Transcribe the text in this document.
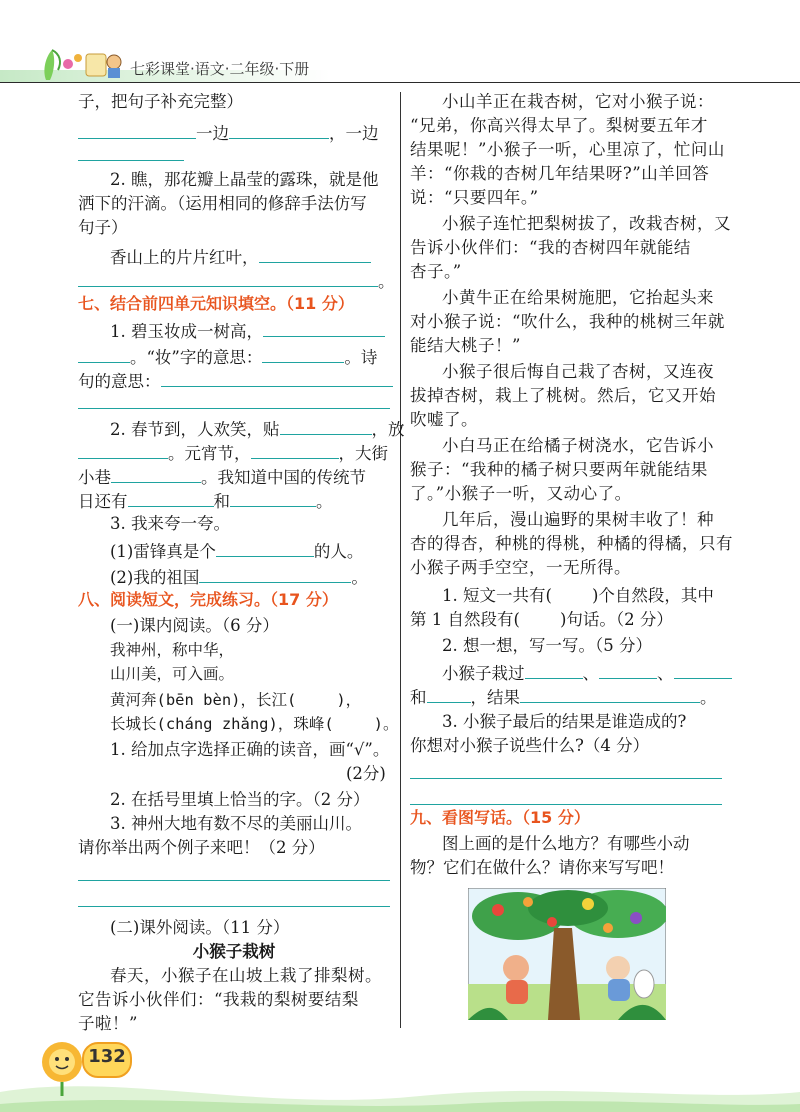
七彩课堂·语文·二年级·下册
子，把句子补充完整）
一边	，一边
2. 瞧，那花瓣上晶莹的露珠，就是他
洒下的汗滴。（运用相同的修辞手法仿写
句子）
香山上的片片红叶，
。
七、结合前四单元知识填空。（11 分）
1. 碧玉妆成一树高，
。“妆”字的意思：	。诗
句的意思：
2. 春节到，人欢笑，贴	，放
。元宵节，	，大街
小巷	。我知道中国的传统节
日还有	和	。
3. 我来夸一夸。
(1)雷锋真是个	的人。
(2)我的祖国	。
八、阅读短文，完成练习。（17 分）
(一)课内阅读。（6 分）
我神州，称中华，
山川美，可入画。
黄河奔(bēn bèn)，长江(	)，
长城长(cháng zhǎng)，珠峰(	)。
1. 给加点字选择正确的读音，画“√”。
(2分)
2. 在括号里填上恰当的字。（2 分）
3. 神州大地有数不尽的美丽山川。
请你举出两个例子来吧！（2 分）
(二)课外阅读。（11 分）
小猴子栽树
春天，小猴子在山坡上栽了排梨树。
它告诉小伙伴们：“我栽的梨树要结梨
子啦！”
小山羊正在栽杏树，它对小猴子说：
“兄弟，你高兴得太早了。梨树要五年才
结果呢！”小猴子一听，心里凉了，忙问山
羊：“你栽的杏树几年结果呀?”山羊回答
说：“只要四年。”
小猴子连忙把梨树拔了，改栽杏树，又
告诉小伙伴们：“我的杏树四年就能结
杏子。”
小黄牛正在给果树施肥，它抬起头来
对小猴子说：“吹什么，我种的桃树三年就
能结大桃子！”
小猴子很后悔自己栽了杏树，又连夜
拔掉杏树，栽上了桃树。然后，它又开始
吹嘘了。
小白马正在给橘子树浇水，它告诉小
猴子：“我种的橘子树只要两年就能结果
了。”小猴子一听，又动心了。
几年后，漫山遍野的果树丰收了！种
杏的得杏，种桃的得桃，种橘的得橘，只有
小猴子两手空空，一无所得。
1. 短文一共有( )个自然段，其中
第 1 自然段有( )句话。（2 分）
2. 想一想，写一写。（5 分）
小猴子栽过	、	、
和	，结果	。
3. 小猴子最后的结果是谁造成的?
你想对小猴子说些什么?（4 分）
九、看图写话。（15 分）
图上画的是什么地方？有哪些小动
物？它们在做什么？请你来写写吧！
132
